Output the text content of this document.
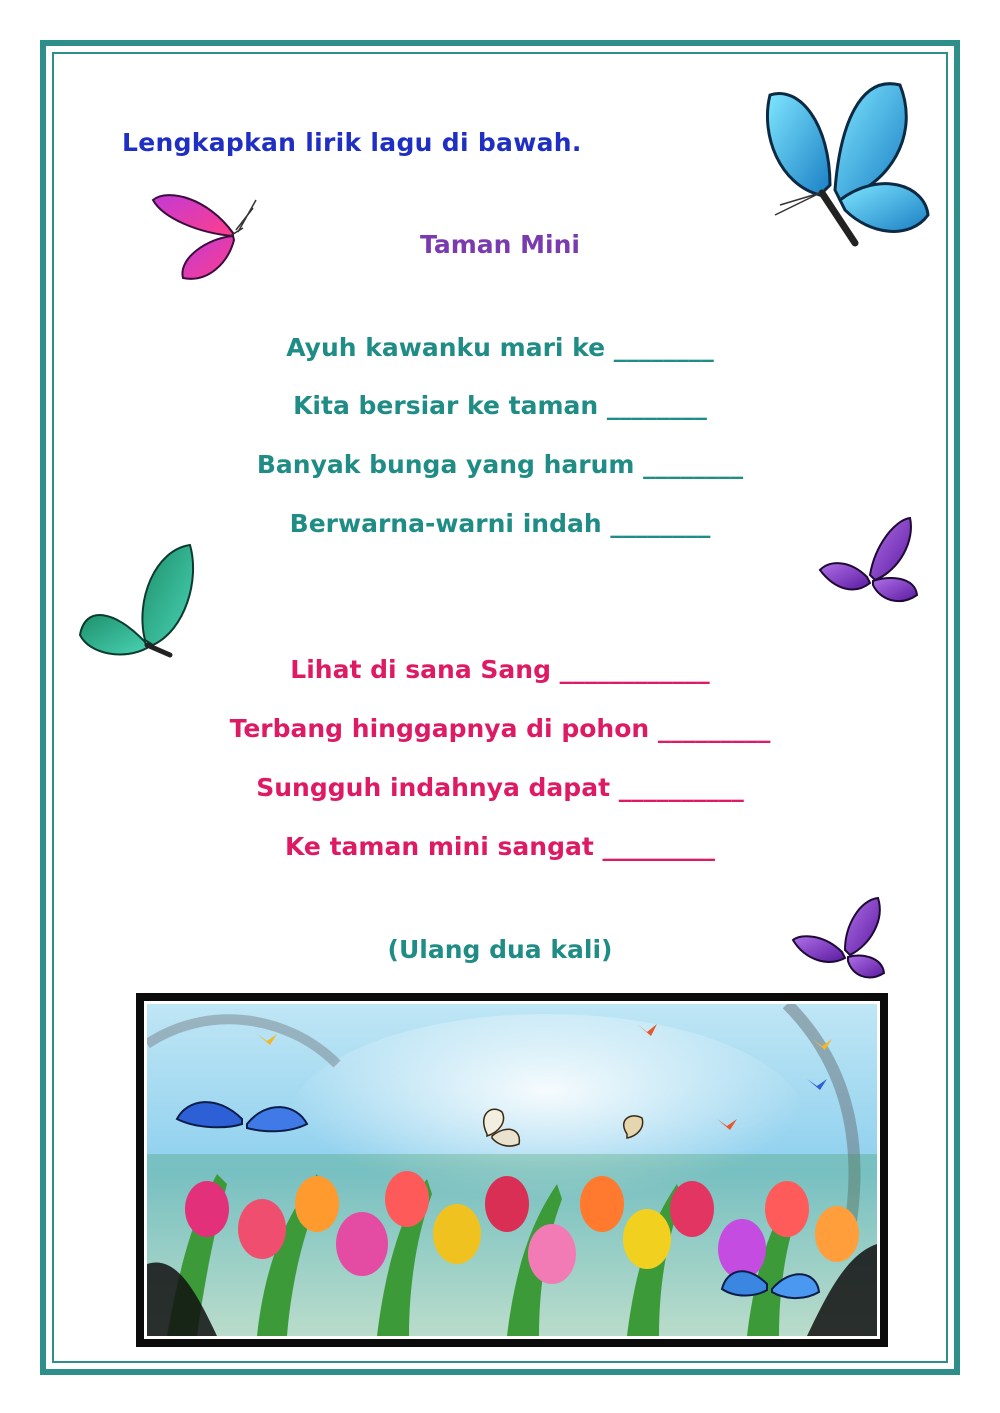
Lengkapkan lirik lagu di bawah.
Taman Mini
Ayuh kawanku mari ke ________
Kita bersiar ke taman ________
Banyak bunga yang harum ________
Berwarna-warni indah ________
Lihat di sana Sang ____________
Terbang hinggapnya di pohon _________
Sungguh indahnya dapat __________
Ke taman mini sangat _________
(Ulang dua kali)
